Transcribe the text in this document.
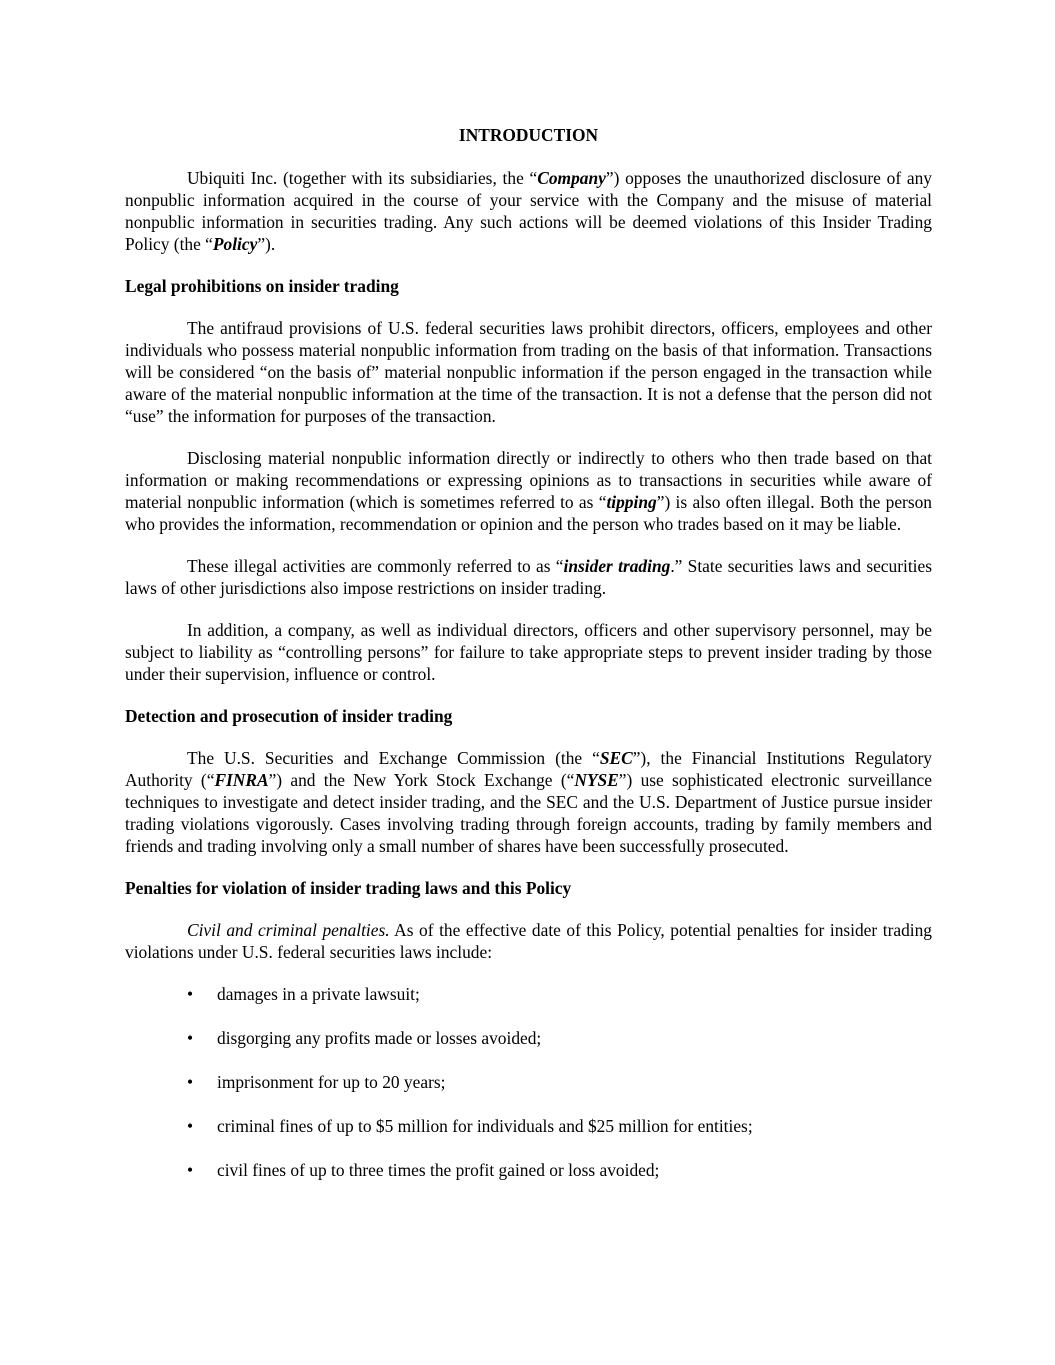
INTRODUCTION

Ubiquiti Inc. (together with its subsidiaries, the “Company”) opposes the unauthorized disclosure of any nonpublic information acquired in the course of your service with the Company and the misuse of material nonpublic information in securities trading. Any such actions will be deemed violations of this Insider Trading Policy (the “Policy”).

Legal prohibitions on insider trading

The antifraud provisions of U.S. federal securities laws prohibit directors, officers, employees and other individuals who possess material nonpublic information from trading on the basis of that information. Transactions will be considered “on the basis of” material nonpublic information if the person engaged in the transaction while aware of the material nonpublic information at the time of the transaction. It is not a defense that the person did not “use” the information for purposes of the transaction.

Disclosing material nonpublic information directly or indirectly to others who then trade based on that information or making recommendations or expressing opinions as to transactions in securities while aware of material nonpublic information (which is sometimes referred to as “tipping”) is also often illegal. Both the person who provides the information, recommendation or opinion and the person who trades based on it may be liable.

These illegal activities are commonly referred to as “insider trading.” State securities laws and securities laws of other jurisdictions also impose restrictions on insider trading.

In addition, a company, as well as individual directors, officers and other supervisory personnel, may be subject to liability as “controlling persons” for failure to take appropriate steps to prevent insider trading by those under their supervision, influence or control.

Detection and prosecution of insider trading

The U.S. Securities and Exchange Commission (the “SEC”), the Financial Institutions Regulatory Authority (“FINRA”) and the New York Stock Exchange (“NYSE”) use sophisticated electronic surveillance techniques to investigate and detect insider trading, and the SEC and the U.S. Department of Justice pursue insider trading violations vigorously. Cases involving trading through foreign accounts, trading by family members and friends and trading involving only a small number of shares have been successfully prosecuted.

Penalties for violation of insider trading laws and this Policy

Civil and criminal penalties. As of the effective date of this Policy, potential penalties for insider trading violations under U.S. federal securities laws include:

• damages in a private lawsuit;
• disgorging any profits made or losses avoided;
• imprisonment for up to 20 years;
• criminal fines of up to $5 million for individuals and $25 million for entities;
• civil fines of up to three times the profit gained or loss avoided;
